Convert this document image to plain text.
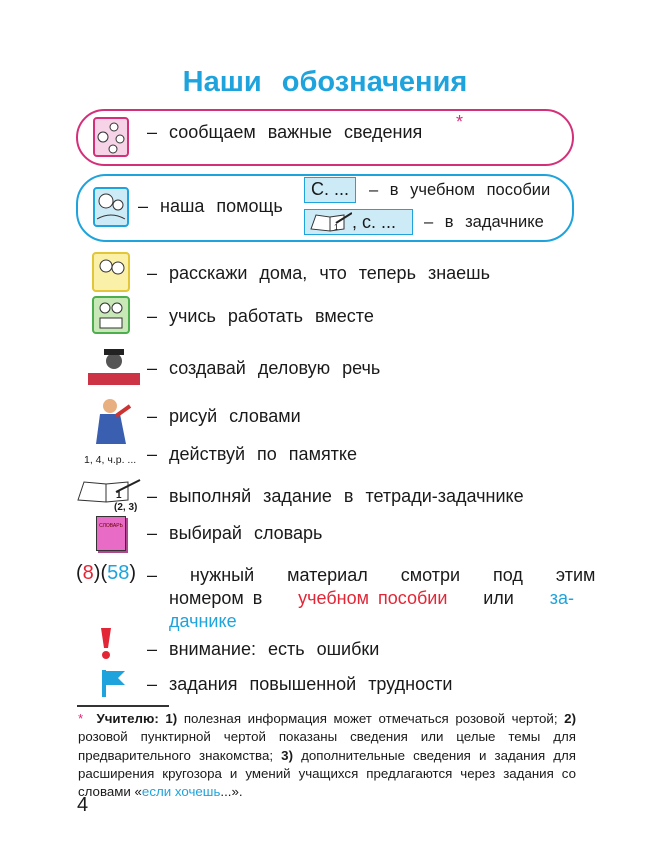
Наши обозначения
– сообщаем важные сведения *
– наша помощь
С. ...	– в учебном пособии
1 , с. ... – в задачнике
– расскажи дома, что теперь знаешь
– учись работать вместе
– создавай деловую речь
– рисуй словами
1, 4, ч.р. ... – действуй по памятке
1
(2, 3)
– выполняй задание в тетради-задачнике
СЛОВАРЬ – выбирай словарь
(8)(58) – нужный материал смотри под этим
номером в учебном пособии или за-
дачнике
– внимание: есть ошибки
– задания повышенной трудности
* Учителю: 1) полезная информация может отмечаться розовой чертой; 2) розовой пунктирной чертой показаны сведения или целые темы для предварительного знакомства; 3) дополнительные сведения и задания для расширения кругозора и умений учащихся предлагаются через задания со словами «если хочешь...».
4
